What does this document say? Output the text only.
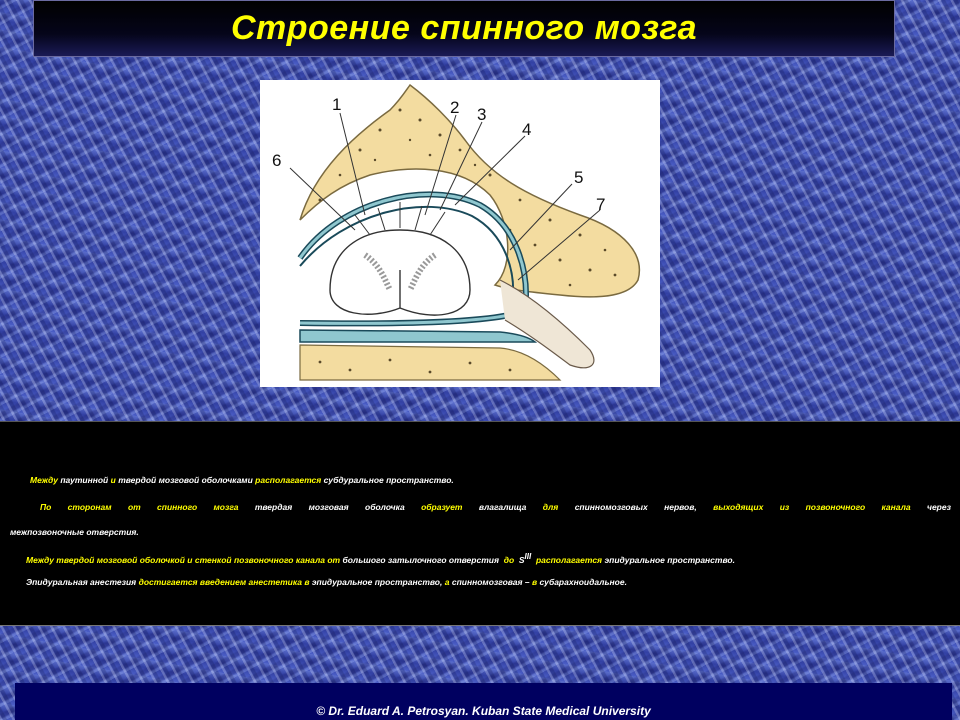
Строение спинного мозга
1	2 3
4
5
6
7

Между паутинной и твердой мозговой оболочками располагается субдуральное пространство.

По сторонам от спинного мозга твердая мозговая оболочка образует влагалища для спинномозговых нервов, выходящих из позвоночного канала через

межпозвоночные отверстия.

Между твердой мозговой оболочкой и стенкой позвоночного канала от большого затылочного отверстия до $S^{III}$ располагается эпидуральное пространство.

Эпидуральная анестезия достигается введением анестетика в эпидуральное пространство, а спинномозговая – в субарахноидальное.

© Dr. Eduard A. Petrosyan. Kuban State Medical University
